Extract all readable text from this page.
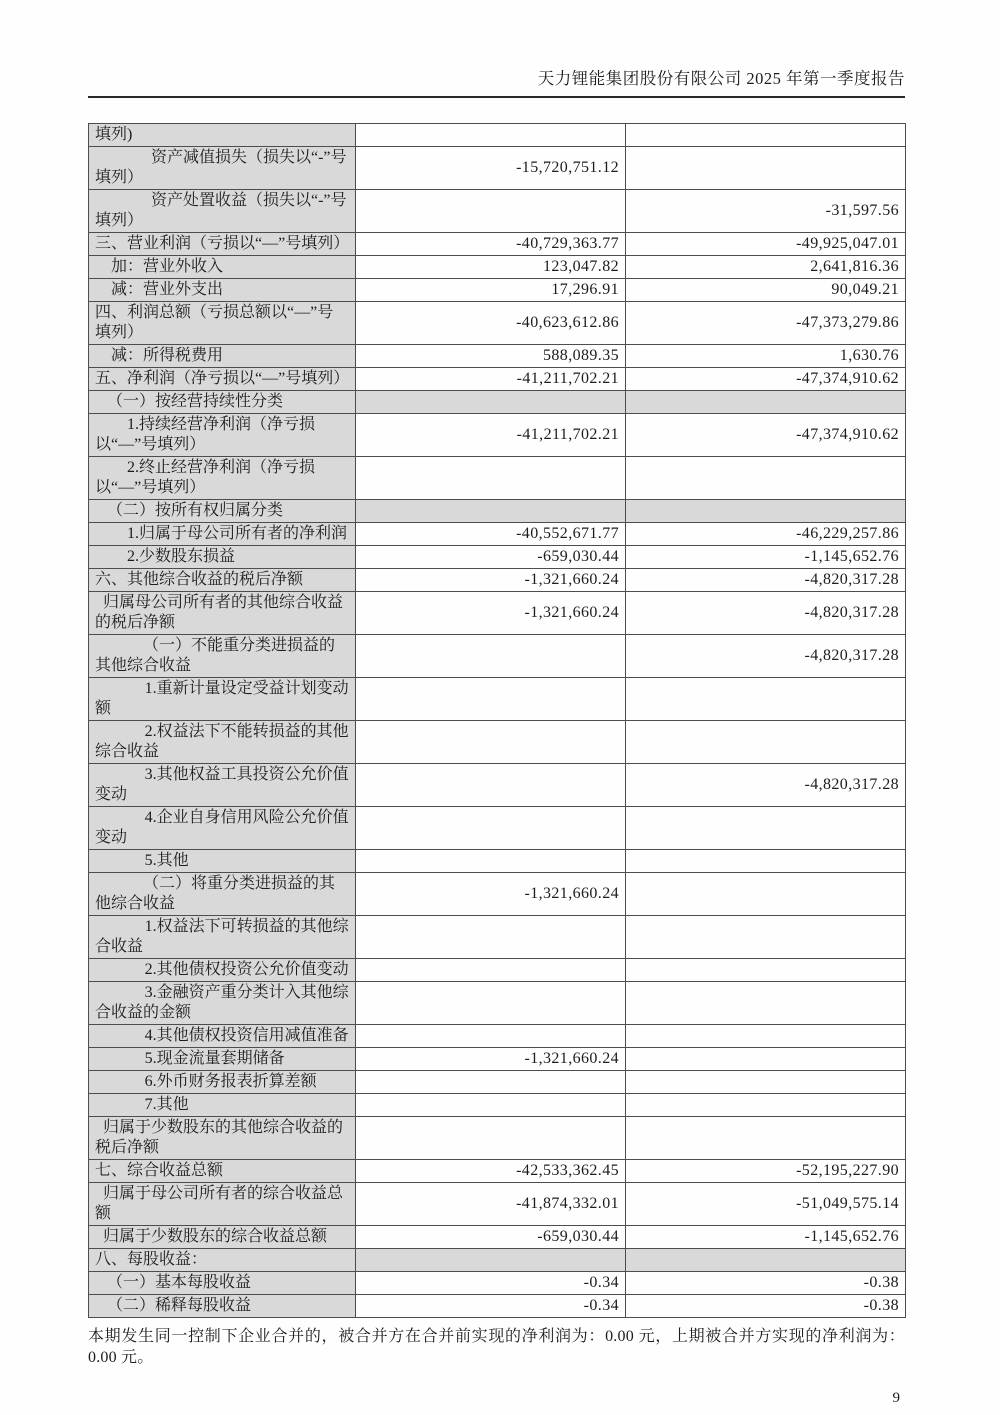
天力锂能集团股份有限公司 2025 年第一季度报告
填列)		
资产减值损失（损失以“-”号填列）	-15,720,751.12	
资产处置收益（损失以“-”号填列）		-31,597.56
三、营业利润（亏损以“—”号填列）	-40,729,363.77	-49,925,047.01
加：营业外收入	123,047.82	2,641,816.36
减：营业外支出	17,296.91	90,049.21
四、利润总额（亏损总额以“—”号填列）	-40,623,612.86	-47,373,279.86
减：所得税费用	588,089.35	1,630.76
五、净利润（净亏损以“—”号填列）	-41,211,702.21	-47,374,910.62
（一）按经营持续性分类		
1.持续经营净利润（净亏损以“—”号填列）	-41,211,702.21	-47,374,910.62
2.终止经营净利润（净亏损以“—”号填列）		
（二）按所有权归属分类		
1.归属于母公司所有者的净利润	-40,552,671.77	-46,229,257.86
2.少数股东损益	-659,030.44	-1,145,652.76
六、其他综合收益的税后净额	-1,321,660.24	-4,820,317.28
归属母公司所有者的其他综合收益的税后净额	-1,321,660.24	-4,820,317.28
（一）不能重分类进损益的其他综合收益		-4,820,317.28
1.重新计量设定受益计划变动额		
2.权益法下不能转损益的其他综合收益		
3.其他权益工具投资公允价值变动		-4,820,317.28
4.企业自身信用风险公允价值变动		
5.其他		
（二）将重分类进损益的其他综合收益	-1,321,660.24	
1.权益法下可转损益的其他综合收益		
2.其他债权投资公允价值变动		
3.金融资产重分类计入其他综合收益的金额		
4.其他债权投资信用减值准备		
5.现金流量套期储备	-1,321,660.24	
6.外币财务报表折算差额		
7.其他		
归属于少数股东的其他综合收益的税后净额		
七、综合收益总额	-42,533,362.45	-52,195,227.90
归属于母公司所有者的综合收益总额	-41,874,332.01	-51,049,575.14
归属于少数股东的综合收益总额	-659,030.44	-1,145,652.76
八、每股收益：		
（一）基本每股收益	-0.34	-0.38
（二）稀释每股收益	-0.34	-0.38
本期发生同一控制下企业合并的，被合并方在合并前实现的净利润为：0.00 元，上期被合并方实现的净利润为：0.00 元。
9
